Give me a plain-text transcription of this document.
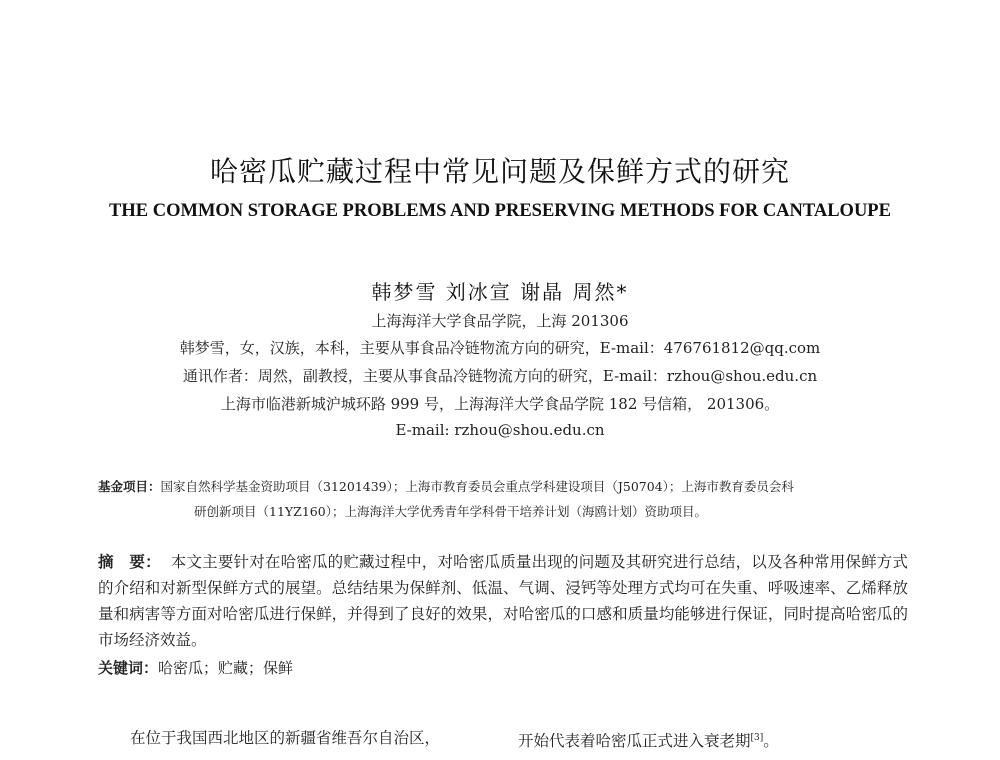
哈密瓜贮藏过程中常见问题及保鲜方式的研究
THE COMMON STORAGE PROBLEMS AND PRESERVING METHODS FOR CANTALOUPE
韩梦雪 刘冰宣 谢晶 周然*
上海海洋大学食品学院，上海 201306
韩梦雪，女，汉族，本科，主要从事食品冷链物流方向的研究，E-mail：476761812@qq.com
通讯作者：周然，副教授，主要从事食品冷链物流方向的研究，E-mail：rzhou@shou.edu.cn
上海市临港新城沪城环路 999 号，上海海洋大学食品学院 182 号信箱， 201306。
E-mail: rzhou@shou.edu.cn
基金项目：国家自然科学基金资助项目（31201439）；上海市教育委员会重点学科建设项目（J50704）；上海市教育委员会科
研创新项目（11YZ160）；上海海洋大学优秀青年学科骨干培养计划（海鸥计划）资助项目。
摘　要： 本文主要针对在哈密瓜的贮藏过程中，对哈密瓜质量出现的问题及其研究进行总结，以及各种常用保鲜方式的介绍和对新型保鲜方式的展望。总结结果为保鲜剂、低温、气调、浸钙等处理方式均可在失重、呼吸速率、乙烯释放量和病害等方面对哈密瓜进行保鲜，并得到了良好的效果，对哈密瓜的口感和质量均能够进行保证，同时提高哈密瓜的市场经济效益。
关键词：哈密瓜；贮藏；保鲜

在位于我国西北地区的新疆省维吾尔自治区，	开始代表着哈密瓜正式进入衰老期[3]。
